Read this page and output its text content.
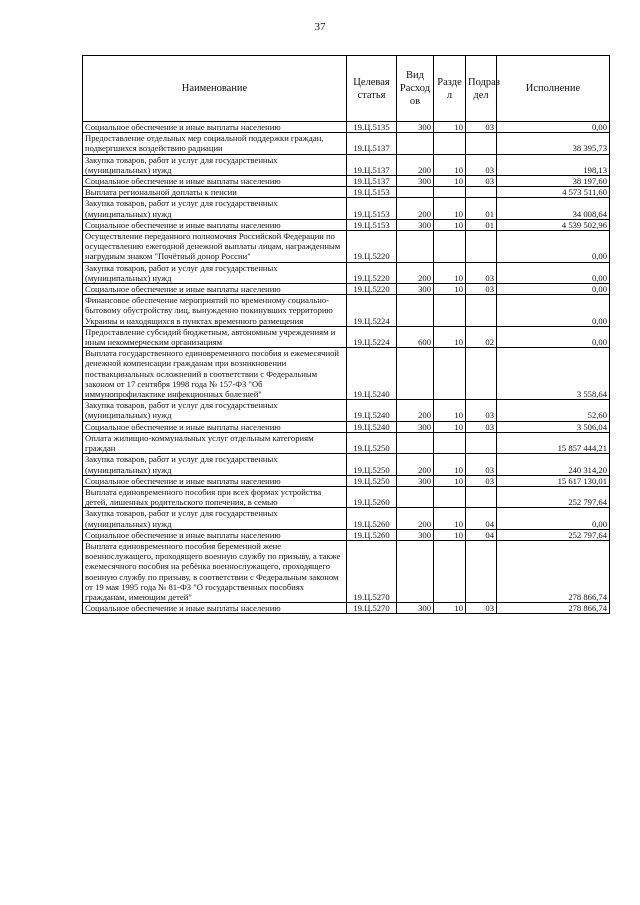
37
Наименование	Целевая статья	Вид Расход ов	Разде л	Подраз дел	Исполнение
Социальное обеспечение и иные выплаты населению	19.Ц.5135	300	10	03	0,00
Предоставление отдельных мер социальной поддержки граждан, подвергшихся воздействию радиации	19.Ц.5137				38 395,73
Закупка товаров, работ и услуг для государственных (муниципальных) нужд	19.Ц.5137	200	10	03	198,13
Социальное обеспечение и иные выплаты населению	19.Ц.5137	300	10	03	38 197,60
Выплата региональной доплаты к пенсии	19.Ц.5153				4 573 511,60
Закупка товаров, работ и услуг для государственных (муниципальных) нужд	19.Ц.5153	200	10	01	34 008,64
Социальное обеспечение и иные выплаты населению	19.Ц.5153	300	10	01	4 539 502,96
Осуществление переданного полномочия Российской Федерации по осуществлению ежегодной денежной выплаты лицам, награжденным нагрудным знаком "Почётный донор России"	19.Ц.5220				0,00
Закупка товаров, работ и услуг для государственных (муниципальных) нужд	19.Ц.5220	200	10	03	0,00
Социальное обеспечение и иные выплаты населению	19.Ц.5220	300	10	03	0,00
Финансовое обеспечение мероприятий по временному социально-бытовому обустройству лиц, вынужденно покинувших территорию Украины и находящихся в пунктах временного размещения	19.Ц.5224				0,00
Предоставление субсидий бюджетным, автономным учреждениям и иным некоммерческим организациям	19.Ц.5224	600	10	02	0,00
Выплата государственного единовременного пособия и ежемесячной денежной компенсации гражданам при возникновении поствакцинальных осложнений в соответствии с Федеральным законом от 17 сентября 1998 года № 157-ФЗ "Об иммунопрофилактике инфекционных болезней"	19.Ц.5240				3 558,64
Закупка товаров, работ и услуг для государственных (муниципальных) нужд	19.Ц.5240	200	10	03	52,60
Социальное обеспечение и иные выплаты населению	19.Ц.5240	300	10	03	3 506,04
Оплата жилищно-коммунальных услуг отдельным категориям граждан	19.Ц.5250				15 857 444,21
Закупка товаров, работ и услуг для государственных (муниципальных) нужд	19.Ц.5250	200	10	03	240 314,20
Социальное обеспечение и иные выплаты населению	19.Ц.5250	300	10	03	15 617 130,01
Выплата единовременного пособия при всех формах устройства детей, лишенных родительского попечения, в семью	19.Ц.5260				252 797,64
Закупка товаров, работ и услуг для государственных (муниципальных) нужд	19.Ц.5260	200	10	04	0,00
Социальное обеспечение и иные выплаты населению	19.Ц.5260	300	10	04	252 797,64
Выплата единовременного пособия беременной жене военнослужащего, проходящего военную службу по призыву, а также ежемесячного пособия на ребёнка военнослужащего, проходящего военную службу по призыву, в соответствии с Федеральным законом от 19 мая 1995 года № 81-ФЗ "О государственных пособиях гражданам, имеющим детей"	19.Ц.5270				278 866,74
Социальное обеспечение и иные выплаты населению	19.Ц.5270	300	10	03	278 866,74
